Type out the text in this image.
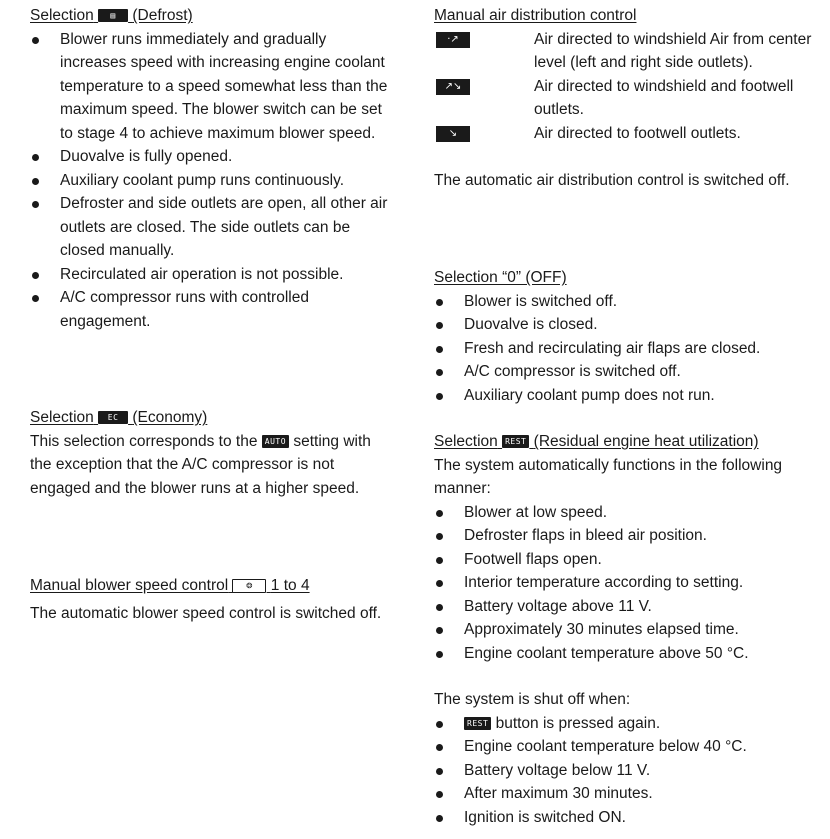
Selection ▤ (Defrost)

Blower runs immediately and gradually increases speed with increasing engine coolant temperature to a speed somewhat less than the maximum speed. The blower switch can be set to stage 4 to achieve maximum blower speed.
Duovalve is fully opened.
Auxiliary coolant pump runs continuously.
Defroster and side outlets are open, all other air outlets are closed. The side outlets can be closed manually.
Recirculated air operation is not possible.
A/C compressor runs with controlled engagement.

Selection EC (Economy)

This selection corresponds to the AUTO setting with the exception that the A/C compressor is not engaged and the blower runs at a higher speed.

Manual blower speed control ❂ 1 to 4

The automatic blower speed control is switched off.

Manual air distribution control

·↗	Air directed to windshield Air from center level (left and right side outlets).
↗↘	Air directed to windshield and footwell outlets.
↘	Air directed to footwell outlets.

The automatic air distribution control is switched off.

Selection “0” (OFF)

Blower is switched off.
Duovalve is closed.
Fresh and recirculating air flaps are closed.
A/C compressor is switched off.
Auxiliary coolant pump does not run.

Selection REST (Residual engine heat utilization)

The system automatically functions in the following manner:

Blower at low speed.
Defroster flaps in bleed air position.
Footwell flaps open.
Interior temperature according to setting.
Battery voltage above 11 V.
Approximately 30 minutes elapsed time.
Engine coolant temperature above 50 °C.

The system is shut off when:

REST button is pressed again.
Engine coolant temperature below 40 °C.
Battery voltage below 11 V.
After maximum 30 minutes.
Ignition is switched ON.
